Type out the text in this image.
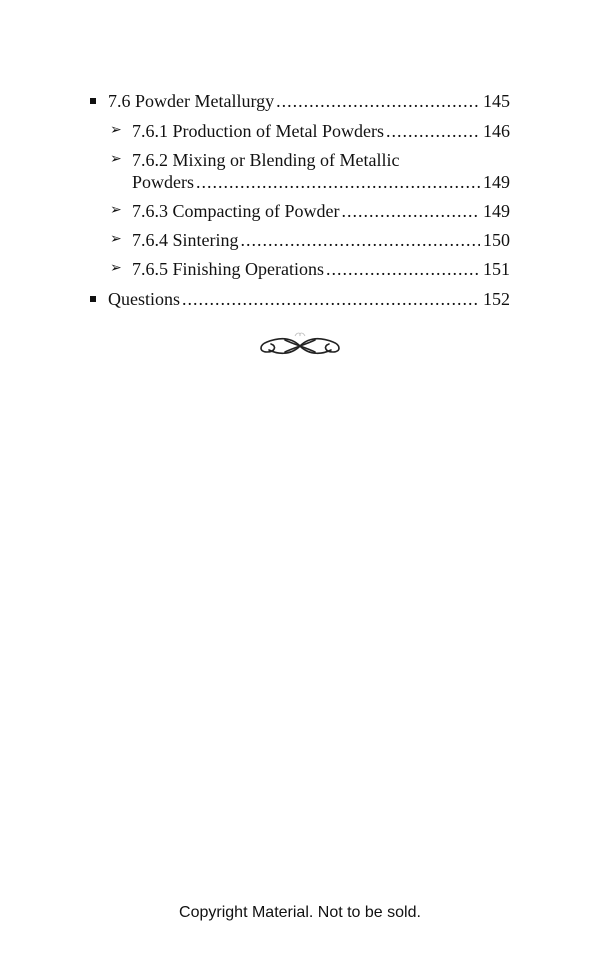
7.6 Powder Metallurgy .....	145
➢ 7.6.1 Production of Metal Powders .....	146
➢ 7.6.2 Mixing or Blending of Metallic
Powders .....	149
➢ 7.6.3 Compacting of Powder .....	149
➢ 7.6.4 Sintering .....	150
➢ 7.6.5 Finishing Operations .....	151
Questions .....	152
Copyright Material. Not to be sold.
